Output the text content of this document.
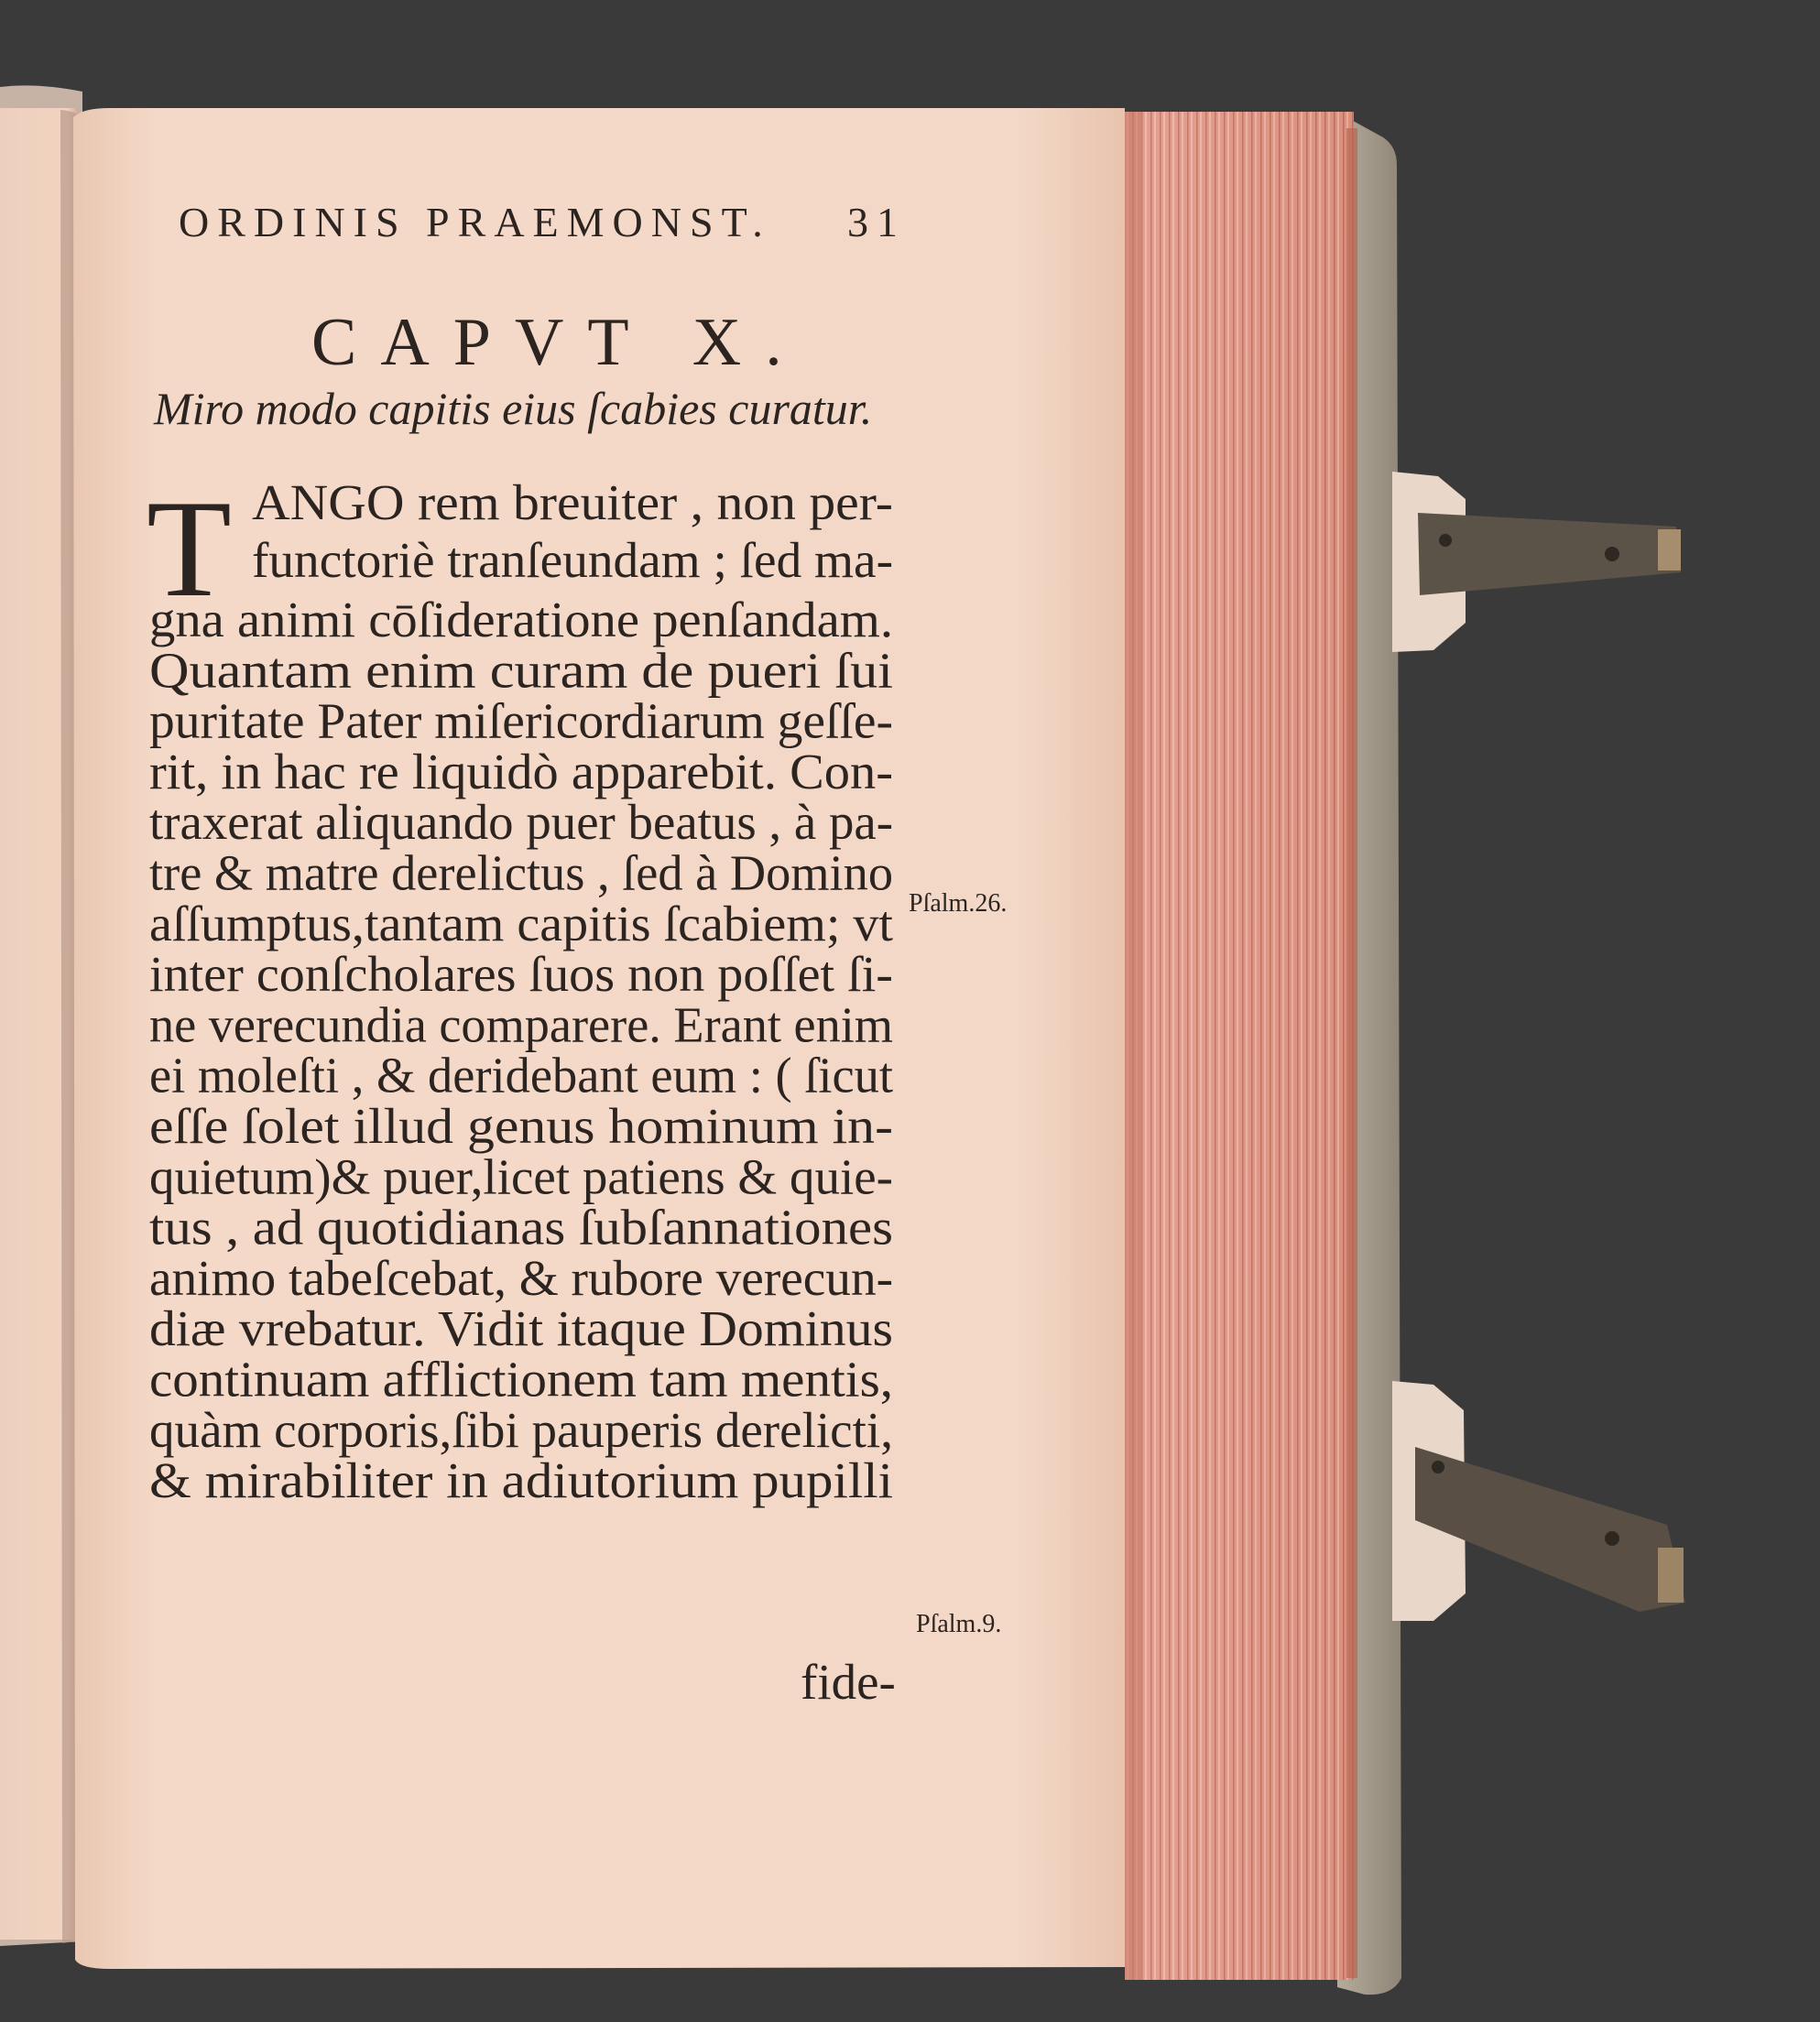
ORDINIS PRAEMONST. 31
CAPVT X.
Miro modo capitis eius ſcabies curatur.
T ANGO rem breuiter , non per-
functoriè tranſeundam ; ſed ma-
gna animi cōſideratione penſandam.
Quantam enim curam de pueri ſui
puritate Pater miſericordiarum geſſe-
rit, in hac re liquidò apparebit. Con-
traxerat aliquando puer beatus , à pa-
tre & matre derelictus , ſed à Domino
aſſumptus,tantam capitis ſcabiem; vt
inter conſcholares ſuos non poſſet ſi-
ne verecundia comparere. Erant enim
ei moleſti , & deridebant eum : ( ſicut
eſſe ſolet illud genus hominum in-
quietum)& puer,licet patiens & quie-
tus , ad quotidianas ſubſannationes
animo tabeſcebat, & rubore verecun-
diæ vrebatur. Vidit itaque Dominus
continuam afflictionem tam mentis,
quàm corporis,ſibi pauperis derelicti,
& mirabiliter in adiutorium pupilli
fide-
Pſalm.26.
Pſalm.9.
